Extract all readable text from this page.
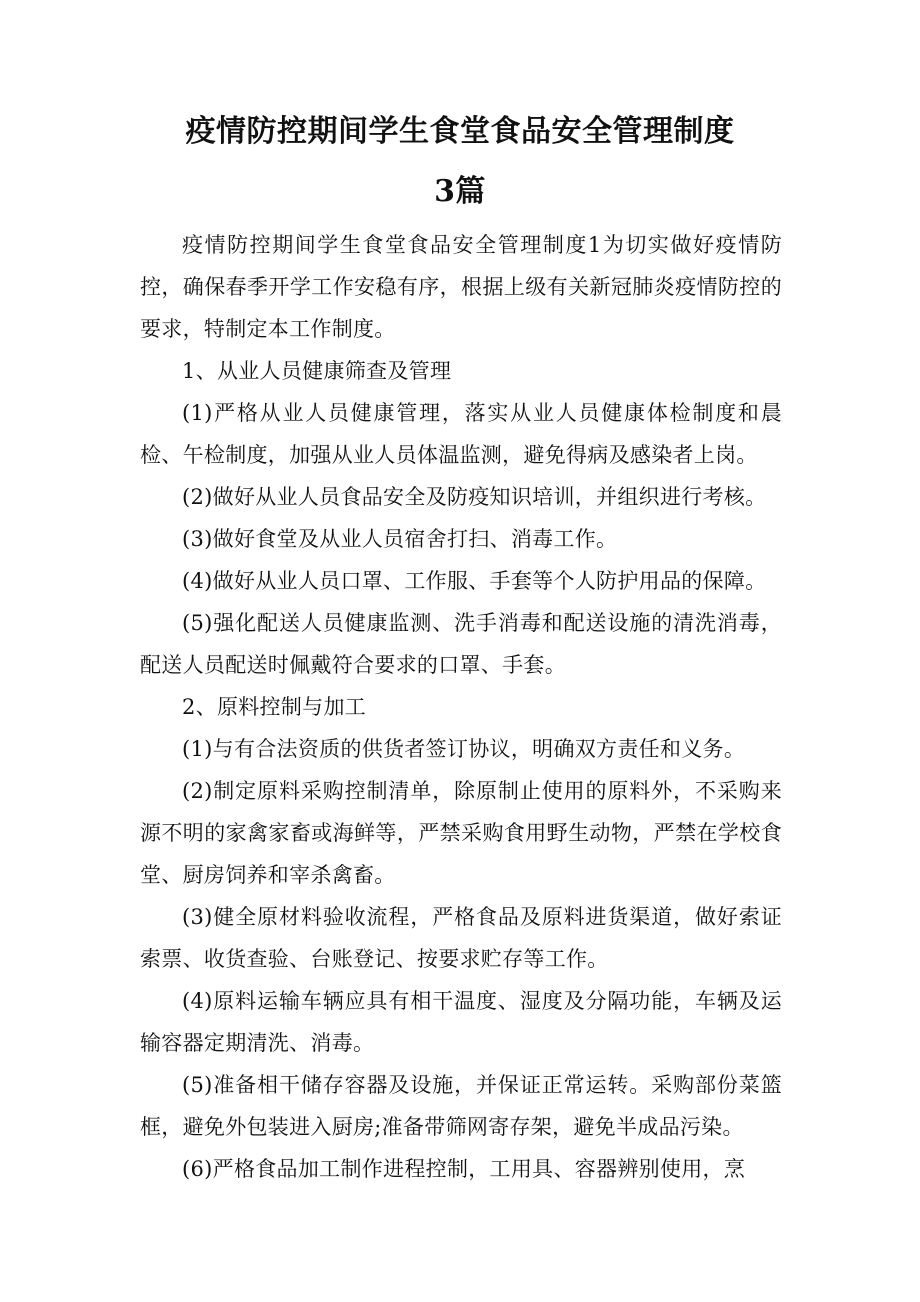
疫情防控期间学生食堂食品安全管理制度
3篇

疫情防控期间学生食堂食品安全管理制度1为切实做好疫情防控，确保春季开学工作安稳有序，根据上级有关新冠肺炎疫情防控的要求，特制定本工作制度。

1、从业人员健康筛查及管理

(1)严格从业人员健康管理，落实从业人员健康体检制度和晨检、午检制度，加强从业人员体温监测，避免得病及感染者上岗。

(2)做好从业人员食品安全及防疫知识培训，并组织进行考核。

(3)做好食堂及从业人员宿舍打扫、消毒工作。

(4)做好从业人员口罩、工作服、手套等个人防护用品的保障。

(5)强化配送人员健康监测、洗手消毒和配送设施的清洗消毒，配送人员配送时佩戴符合要求的口罩、手套。

2、原料控制与加工

(1)与有合法资质的供货者签订协议，明确双方责任和义务。

(2)制定原料采购控制清单，除原制止使用的原料外，不采购来源不明的家禽家畜或海鲜等，严禁采购食用野生动物，严禁在学校食堂、厨房饲养和宰杀禽畜。

(3)健全原材料验收流程，严格食品及原料进货渠道，做好索证索票、收货查验、台账登记、按要求贮存等工作。

(4)原料运输车辆应具有相干温度、湿度及分隔功能，车辆及运输容器定期清洗、消毒。

(5)准备相干储存容器及设施，并保证正常运转。采购部份菜篮框，避免外包装进入厨房;准备带筛网寄存架，避免半成品污染。

(6)严格食品加工制作进程控制，工用具、容器辨别使用，烹
